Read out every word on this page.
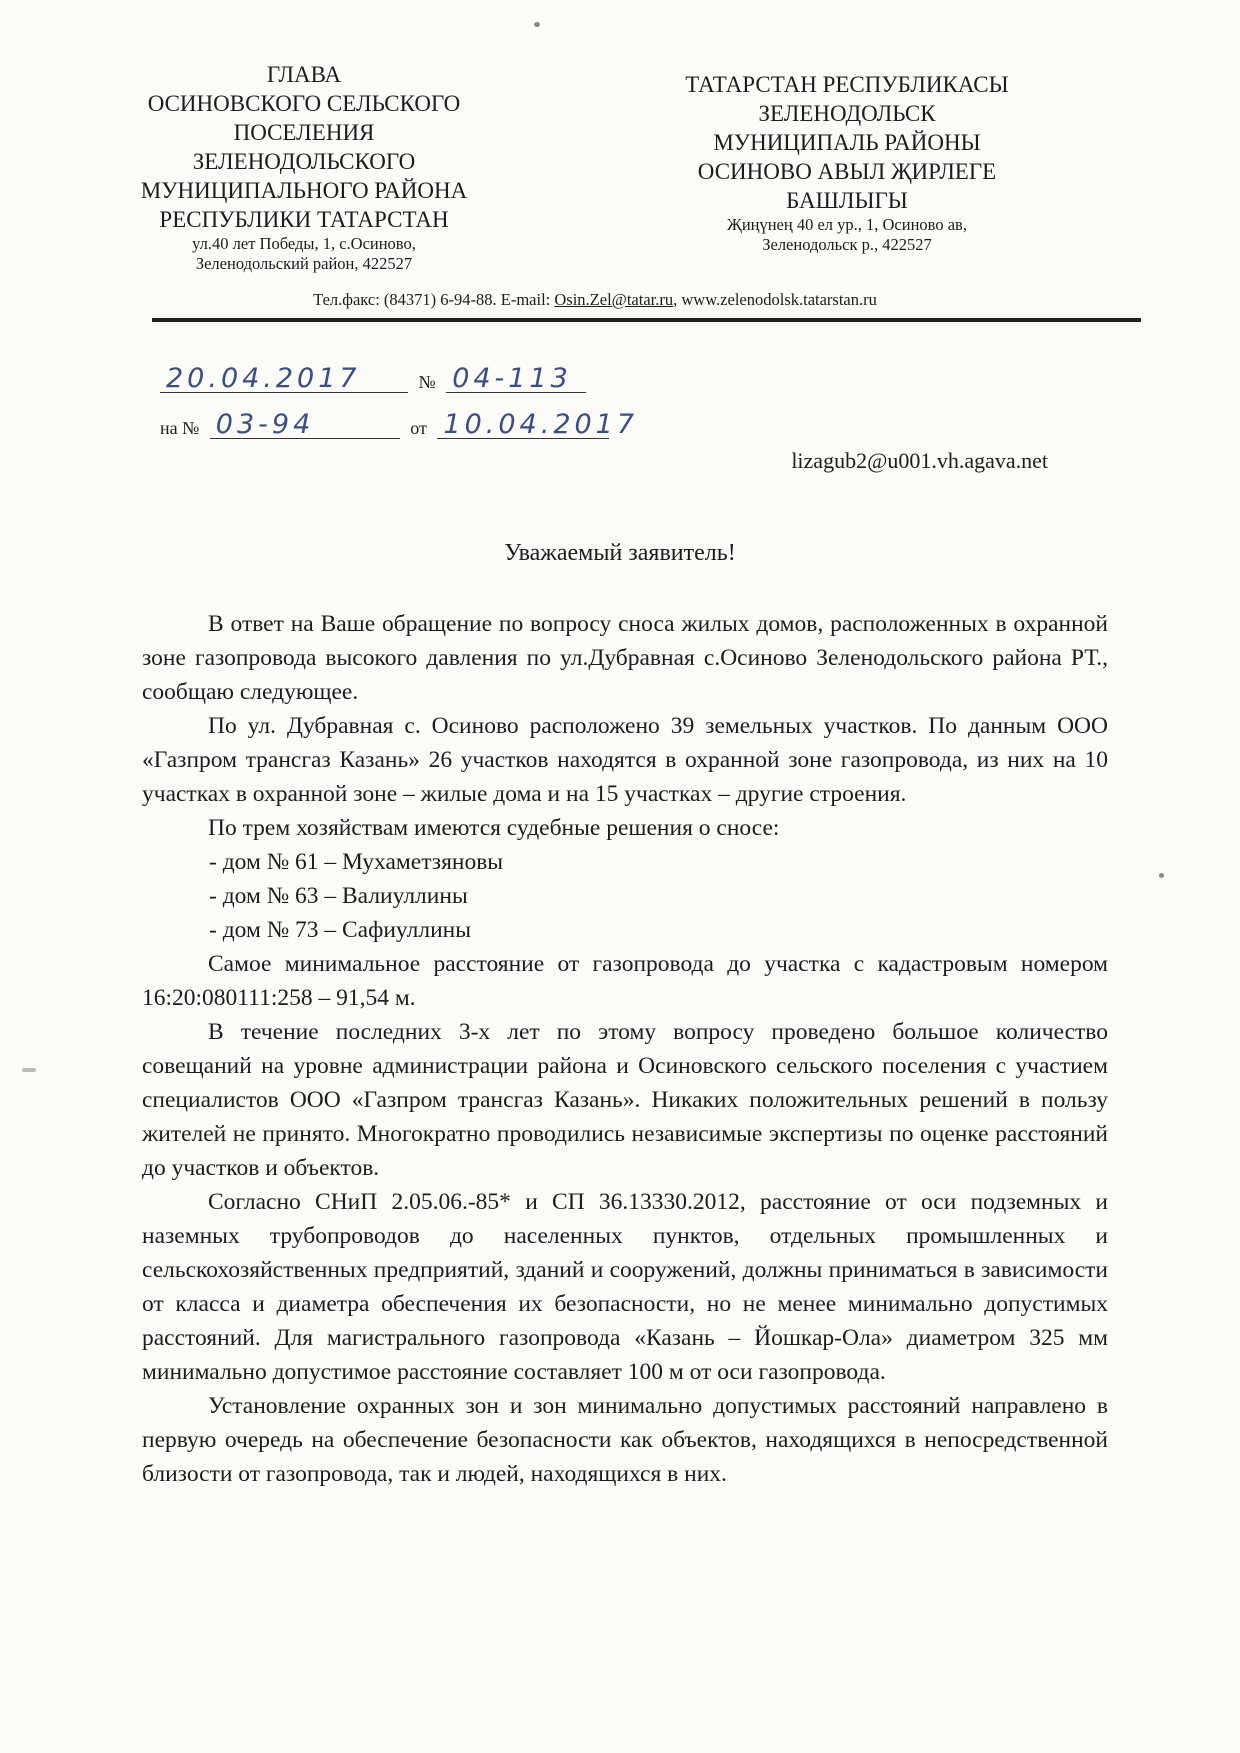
ГЛАВА
ОСИНОВСКОГО СЕЛЬСКОГО
ПОСЕЛЕНИЯ
ЗЕЛЕНОДОЛЬСКОГО
МУНИЦИПАЛЬНОГО РАЙОНА
РЕСПУБЛИКИ ТАТАРСТАН
ул.40 лет Победы, 1, с.Осиново,
Зеленодольский район, 422527
ТАТАРСТАН РЕСПУБЛИКАСЫ
ЗЕЛЕНОДОЛЬСК
МУНИЦИПАЛЬ РАЙОНЫ
ОСИНОВО АВЫЛ ҖИРЛЕГЕ
БАШЛЫГЫ
Җиңүнең 40 ел ур., 1, Осиново ав,
Зеленодольск р., 422527
Тел.факс: (84371) 6-94-88. E-mail: Osin.Zel@tatar.ru, www.zelenodolsk.tatarstan.ru
20.04.2017	№ 04-113
на № 03-94	от 10.04.2017
lizagub2@u001.vh.agava.net
Уважаемый заявитель!

В ответ на Ваше обращение по вопросу сноса жилых домов, расположенных в охранной зоне газопровода высокого давления по ул.Дубравная с.Осиново Зеленодольского района РТ., сообщаю следующее.

По ул. Дубравная с. Осиново расположено 39 земельных участков. По данным ООО «Газпром трансгаз Казань» 26 участков находятся в охранной зоне газопровода, из них на 10 участках в охранной зоне – жилые дома и на 15 участках – другие строения.

По трем хозяйствам имеются судебные решения о сносе:

- дом № 61 – Мухаметзяновы

- дом № 63 – Валиуллины

- дом № 73 – Сафиуллины

Самое минимальное расстояние от газопровода до участка с кадастровым номером 16:20:080111:258 – 91,54 м.

В течение последних 3-х лет по этому вопросу проведено большое количество совещаний на уровне администрации района и Осиновского сельского поселения с участием специалистов ООО «Газпром трансгаз Казань». Никаких положительных решений в пользу жителей не принято. Многократно проводились независимые экспертизы по оценке расстояний до участков и объектов.

Согласно СНиП 2.05.06.-85* и СП 36.13330.2012, расстояние от оси подземных и наземных трубопроводов до населенных пунктов, отдельных промышленных и сельскохозяйственных предприятий, зданий и сооружений, должны приниматься в зависимости от класса и диаметра обеспечения их безопасности, но не менее минимально допустимых расстояний. Для магистрального газопровода «Казань – Йошкар-Ола» диаметром 325 мм минимально допустимое расстояние составляет 100 м от оси газопровода.

Установление охранных зон и зон минимально допустимых расстояний направлено в первую очередь на обеспечение безопасности как объектов, находящихся в непосредственной близости от газопровода, так и людей, находящихся в них.
